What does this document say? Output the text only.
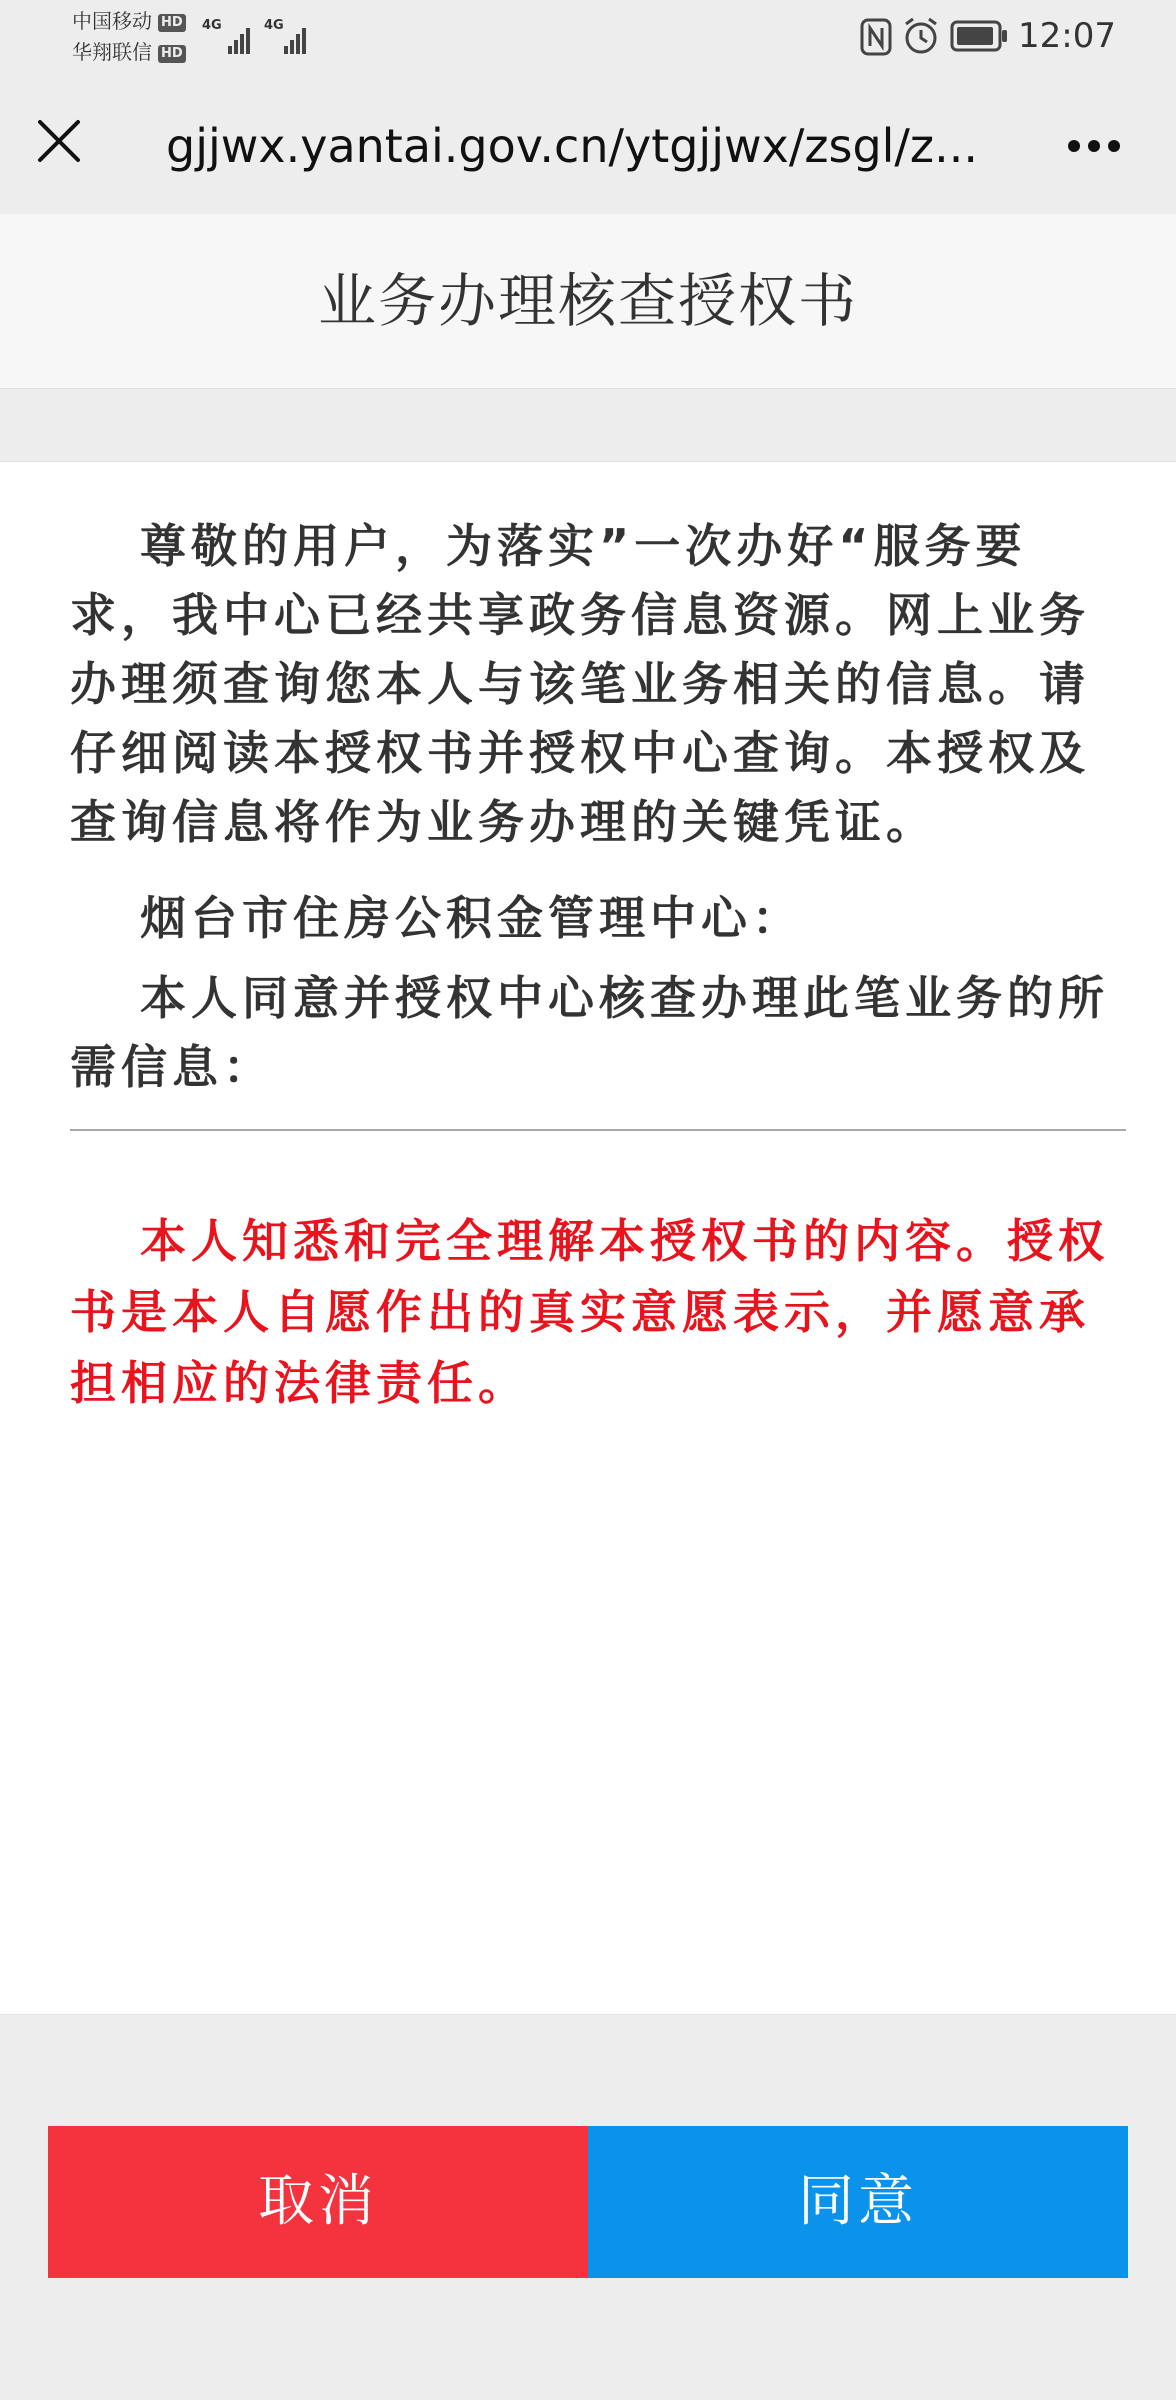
中国移动 HD
华翔联信 HD
4G	4G	12:07
gjjwx.yantai.gov.cn/ytgjjwx/zsgl/z...
业务办理核查授权书

尊敬的用户，为落实”一次办好“服务要求，我中心已经共享政务信息资源。网上业务办理须查询您本人与该笔业务相关的信息。请仔细阅读本授权书并授权中心查询。本授权及查询信息将作为业务办理的关键凭证。

烟台市住房公积金管理中心：

本人同意并授权中心核查办理此笔业务的所需信息：

本人知悉和完全理解本授权书的内容。授权书是本人自愿作出的真实意愿表示，并愿意承担相应的法律责任。

取消	同意
